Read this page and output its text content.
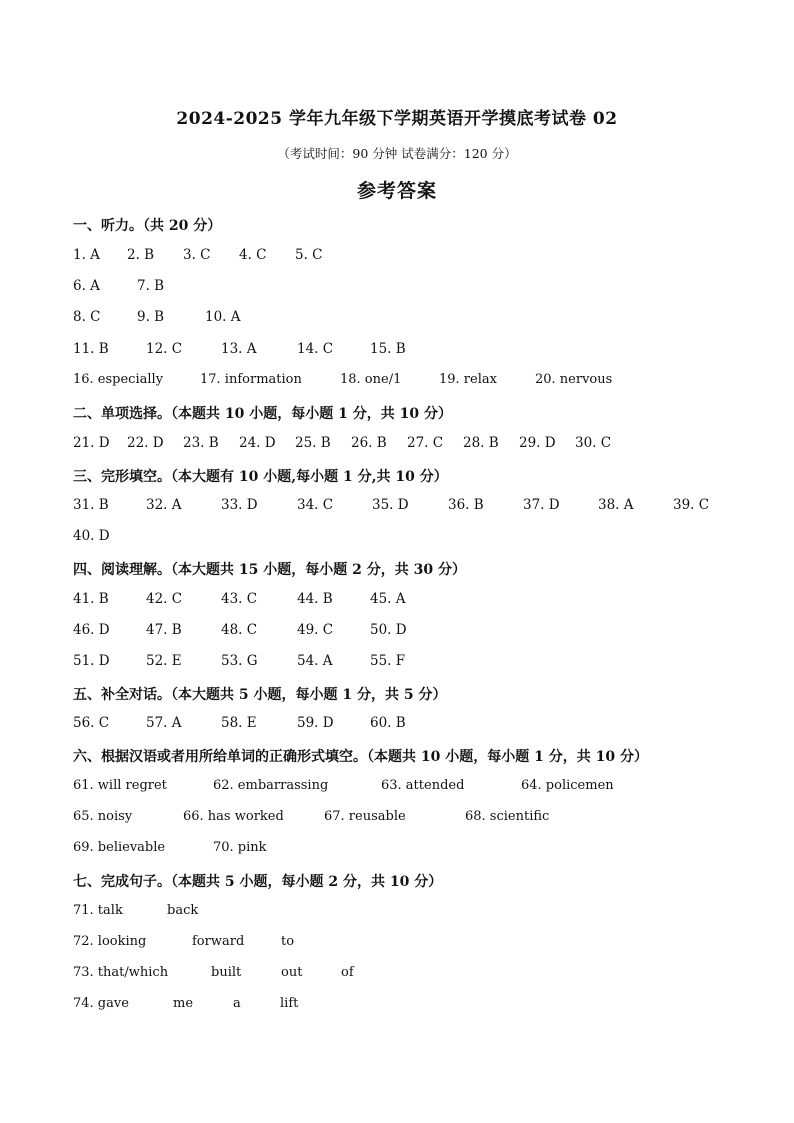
2024-2025 学年九年级下学期英语开学摸底考试卷 02
（考试时间：90 分钟 试卷满分：120 分）
参考答案
一、听力。（共 20 分）
1. A 2. B 3. C 4. C 5. C
6. A	7. B
8. C	9. B	10. A
11. B	12. C	13. A	14. C	15. B
16. especially	17. information	18. one/1	19. relax	20. nervous
二、单项选择。（本题共 10 小题，每小题 1 分，共 10 分）
21. D 22. D 23. B 24. D 25. B 26. B 27. C 28. B 29. D 30. C
三、完形填空。（本大题有 10 小题,每小题 1 分,共 10 分）
31. B	32. A	33. D	34. C	35. D	36. B	37. D	38. A	39. C
40. D
四、阅读理解。（本大题共 15 小题，每小题 2 分，共 30 分）
41. B	42. C	43. C	44. B	45. A
46. D	47. B	48. C	49. C	50. D
51. D	52. E	53. G	54. A	55. F
五、补全对话。（本大题共 5 小题，每小题 1 分，共 5 分）
56. C	57. A	58. E	59. D	60. B
六、根据汉语或者用所给单词的正确形式填空。（本题共 10 小题，每小题 1 分，共 10 分）
61. will regret	62. embarrassing	63. attended	64. policemen
65. noisy	66. has worked	67. reusable	68. scientific
69. believable	70. pink
七、完成句子。（本题共 5 小题，每小题 2 分，共 10 分）
71. talk	back
72. looking	forward	to
73. that/which	built	out	of
74. gave	me	a	lift
